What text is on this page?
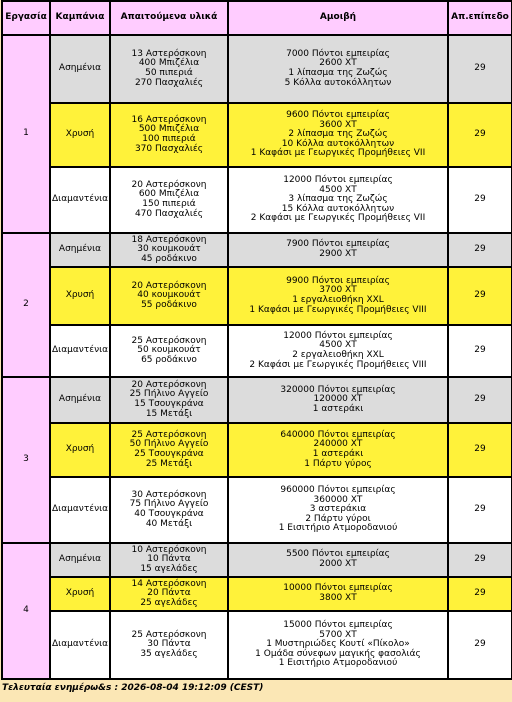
Εργασία	Καμπάνια	Απαιτούμενα υλικά	Αμοιβή	Απ.επίπεδο
1	Ασημένια	13 Αστερόσκονη
400 Μπιζέλια
50 πιπεριά
270 Πασχαλιές	7000 Πόντοι εμπειρίας
2600 ΧΤ
1 λίπασμα της Ζωζώς
5 Κόλλα αυτοκόλλητων	29
	Χρυσή	16 Αστερόσκονη
500 Μπιζέλια
100 πιπεριά
370 Πασχαλιές	9600 Πόντοι εμπειρίας
3600 ΧΤ
2 λίπασμα της Ζωζώς
10 Κόλλα αυτοκόλλητων
1 Καφάσι με Γεωργικές Προμήθειες VII	29
	Διαμαντένια	20 Αστερόσκονη
600 Μπιζέλια
150 πιπεριά
470 Πασχαλιές	12000 Πόντοι εμπειρίας
4500 ΧΤ
3 λίπασμα της Ζωζώς
15 Κόλλα αυτοκόλλητων
2 Καφάσι με Γεωργικές Προμήθειες VII	29
2	Ασημένια	18 Αστερόσκονη
30 κουμκουάτ
45 ροδάκινο	7900 Πόντοι εμπειρίας
2900 ΧΤ	29
	Χρυσή	20 Αστερόσκονη
40 κουμκουάτ
55 ροδάκινο	9900 Πόντοι εμπειρίας
3700 ΧΤ
1 εργαλειοθήκη XXL
1 Καφάσι με Γεωργικές Προμήθειες VIII	29
	Διαμαντένια	25 Αστερόσκονη
50 κουμκουάτ
65 ροδάκινο	12000 Πόντοι εμπειρίας
4500 ΧΤ
2 εργαλειοθήκη XXL
2 Καφάσι με Γεωργικές Προμήθειες VIII	29
3	Ασημένια	20 Αστερόσκονη
25 Πήλινο Αγγείο
15 Τσουγκράνα
15 Μετάξι	320000 Πόντοι εμπειρίας
120000 ΧΤ
1 αστεράκι	29
	Χρυσή	25 Αστερόσκονη
50 Πήλινο Αγγείο
25 Τσουγκράνα
25 Μετάξι	640000 Πόντοι εμπειρίας
240000 ΧΤ
1 αστεράκι
1 Πάρτυ γύρος	29
	Διαμαντένια	30 Αστερόσκονη
75 Πήλινο Αγγείο
40 Τσουγκράνα
40 Μετάξι	960000 Πόντοι εμπειρίας
360000 ΧΤ
3 αστεράκια
2 Πάρτυ γύροι
1 Εισιτήριο Ατμοροδανιού	29
4	Ασημένια	10 Αστερόσκονη
10 Πάντα
15 αγελάδες	5500 Πόντοι εμπειρίας
2000 ΧΤ	29
	Χρυσή	14 Αστερόσκονη
20 Πάντα
25 αγελάδες	10000 Πόντοι εμπειρίας
3800 ΧΤ	29
	Διαμαντένια	25 Αστερόσκονη
30 Πάντα
35 αγελάδες	15000 Πόντοι εμπειρίας
5700 ΧΤ
1 Μυστηριώδες Κουτί «Πίκολο»
1 Ομάδα σύνεφων μαγικής φασολιάς
1 Εισιτήριο Ατμοροδανιού	29
Τελευταία ενημέρω&s : 2026-08-04 19:12:09 (CEST)
